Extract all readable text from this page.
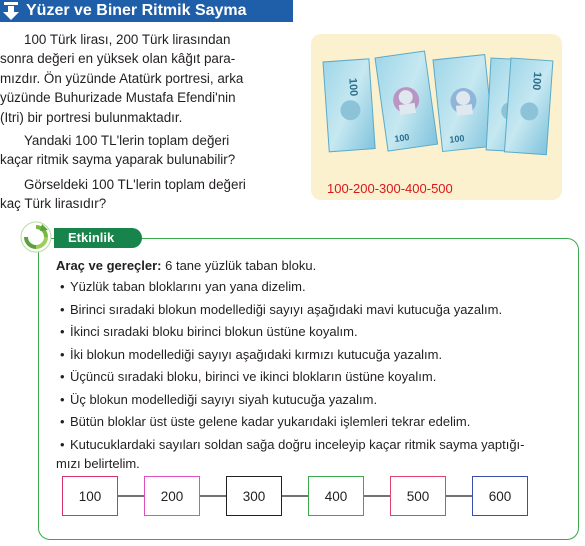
Yüzer ve Biner Ritmik Sayma
100 Türk lirası, 200 Türk lirasından
sonra değeri en yüksek olan kâğıt para-
mızdır. Ön yüzünde Atatürk portresi, arka
yüzünde Buhurizade Mustafa Efendi'nin
(Itri) bir portresi bulunmaktadır.
Yandaki 100 TL'lerin toplam değeri
kaçar ritmik sayma yaparak bulunabilir?
Görseldeki 100 TL'lerin toplam değeri
kaç Türk lirasıdır?
100
100	100
100
100-200-300-400-500
Etkinlik
Araç ve gereçler: 6 tane yüzlük taban bloku.
• Yüzlük taban bloklarını yan yana dizelim.
• Birinci sıradaki blokun modellediği sayıyı aşağıdaki mavi kutucuğa yazalım.
• İkinci sıradaki bloku birinci blokun üstüne koyalım.
• İki blokun modellediği sayıyı aşağıdaki kırmızı kutucuğa yazalım.
• Üçüncü sıradaki bloku, birinci ve ikinci blokların üstüne koyalım.
• Üç blokun modellediği sayıyı siyah kutucuğa yazalım.
• Bütün bloklar üst üste gelene kadar yukarıdaki işlemleri tekrar edelim.
• Kutucuklardaki sayıları soldan sağa doğru inceleyip kaçar ritmik sayma yaptığı-
mızı belirtelim.
100	200	300	400	500	600
